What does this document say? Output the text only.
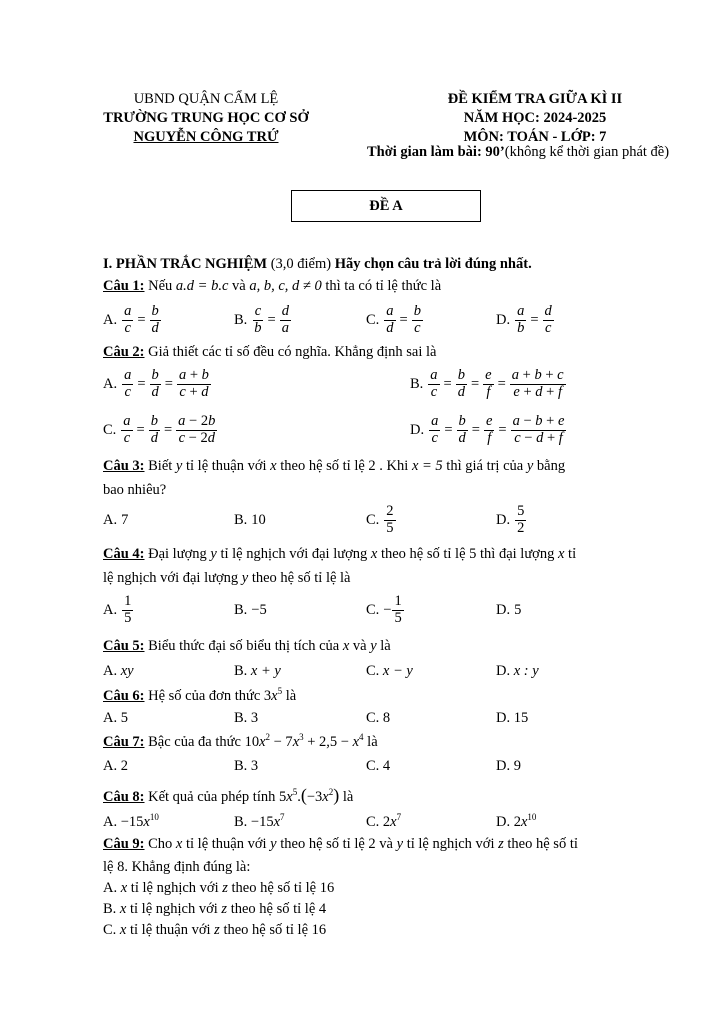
UBND QUẬN CẨM LỆ
TRƯỜNG TRUNG HỌC CƠ SỞ
NGUYỄN CÔNG TRỨ
ĐỀ KIỂM TRA GIỮA KÌ II
NĂM HỌC: 2024-2025
MÔN: TOÁN - LỚP: 7
Thời gian làm bài: 90’(không kể thời gian phát đề)
ĐỀ A
I. PHẦN TRẮC NGHIỆM (3,0 điểm) Hãy chọn câu trả lời đúng nhất.
Câu 1: Nếu a.d = b.c và a, b, c, d ≠ 0 thì ta có tỉ lệ thức là
A. $\frac{a}{c} = \frac{b}{d}$	B. $\frac{c}{b} = \frac{d}{a}$	C. $\frac{a}{d} = \frac{b}{c}$	D. $\frac{a}{b} = \frac{d}{c}$
Câu 2: Giả thiết các tỉ số đều có nghĩa. Khẳng định sai là
A. $\frac{a}{c} = \frac{b}{d} = \frac{a + b}{c + d}$	B. $\frac{a}{c} = \frac{b}{d} = \frac{e}{f} = \frac{a + b + c}{e + d + f}$
C. $\frac{a}{c} = \frac{b}{d} = \frac{a - 2b}{c - 2d}$	D. $\frac{a}{c} = \frac{b}{d} = \frac{e}{f} = \frac{a - b + e}{c - d + f}$
Câu 3: Biết y tỉ lệ thuận với x theo hệ số tỉ lệ 2 . Khi x = 5 thì giá trị của y bằng
bao nhiêu?
A. 7	B. 10	C. $\frac{2}{5}$	D. $\frac{5}{2}$
Câu 4: Đại lượng y tỉ lệ nghịch với đại lượng x theo hệ số tỉ lệ 5 thì đại lượng x tỉ
lệ nghịch với đại lượng y theo hệ số tỉ lệ là
A. $\frac{1}{5}$	B. −5	C. − $\frac{1}{5}$	D. 5
Câu 5: Biểu thức đại số biểu thị tích của x và y là
A. xy	B. x + y	C. x − y	D. x : y
Câu 6: Hệ số của đơn thức $3x^5$ là
A. 5	B. 3	C. 8	D. 15
Câu 7: Bậc của đa thức $10x^2 - 7x^3 + 2,5 - x^4$ là
A. 2	B. 3	C. 4	D. 9
Câu 8: Kết quả của phép tính $5x^5.(-3x^2)$ là
A. $-15x^{10}$	B. $-15x^7$	C. $2x^7$	D. $2x^{10}$
Câu 9: Cho x tỉ lệ thuận với y theo hệ số tỉ lệ 2 và y tỉ lệ nghịch với z theo hệ số tỉ
lệ 8. Khẳng định đúng là:
A. x tỉ lệ nghịch với z theo hệ số tỉ lệ 16
B. x tỉ lệ nghịch với z theo hệ số tỉ lệ 4
C. x tỉ lệ thuận với z theo hệ số tỉ lệ 16
